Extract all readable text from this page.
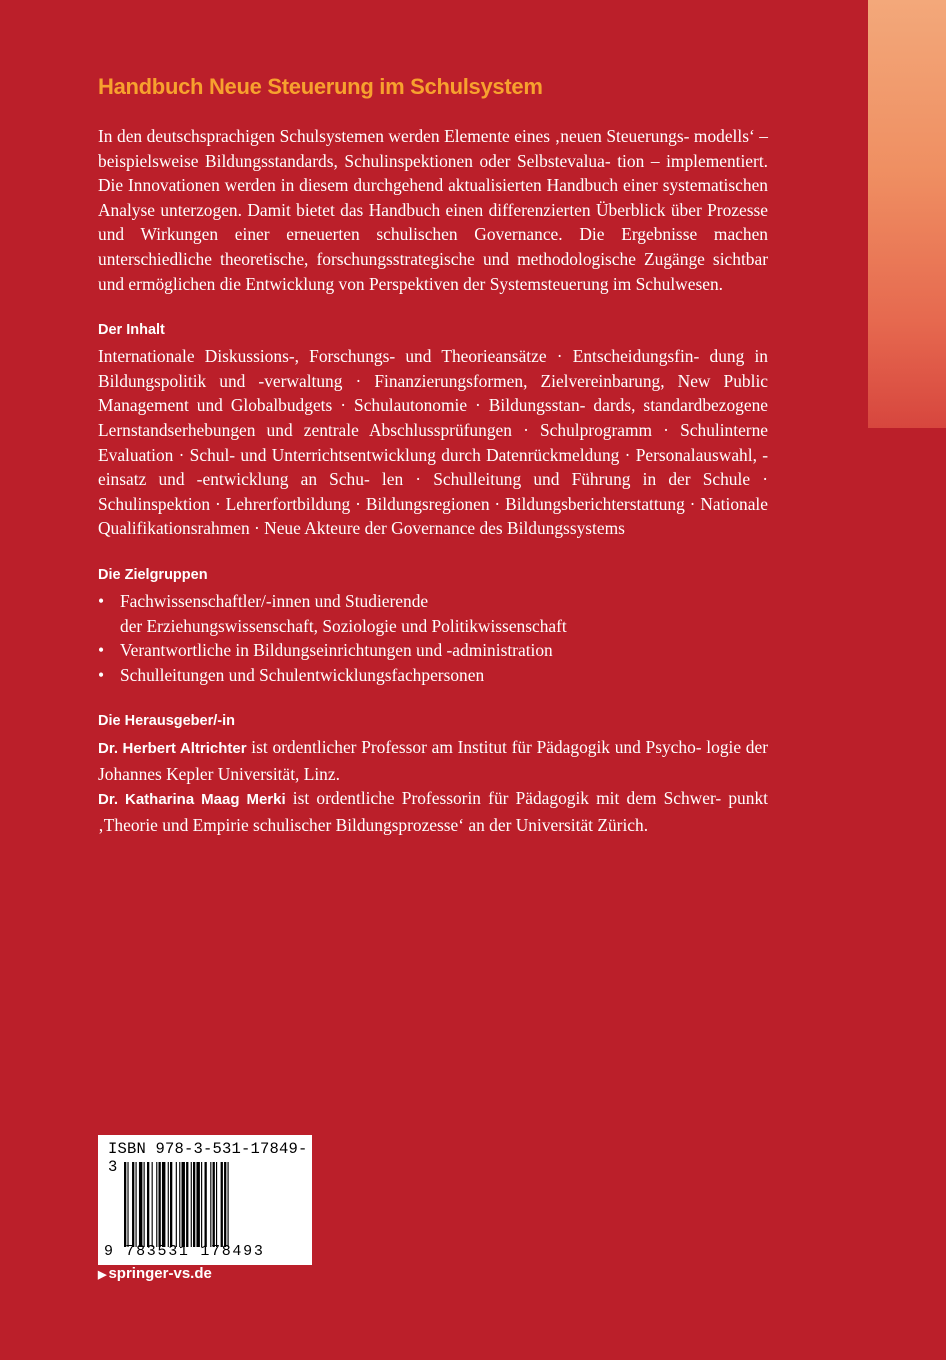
Handbuch Neue Steuerung im Schulsystem

In den deutschsprachigen Schulsystemen werden Elemente eines ‚neuen Steuerungs- modells‘ – beispielsweise Bildungsstandards, Schulinspektionen oder Selbstevalua- tion – implementiert. Die Innovationen werden in diesem durchgehend aktualisierten Handbuch einer systematischen Analyse unterzogen. Damit bietet das Handbuch einen differenzierten Überblick über Prozesse und Wirkungen einer erneuerten schulischen Governance. Die Ergebnisse machen unterschiedliche theoretische, forschungsstrategische und methodologische Zugänge sichtbar und ermöglichen die Entwicklung von Perspektiven der Systemsteuerung im Schulwesen.

Der Inhalt

Internationale Diskussions-, Forschungs- und Theorieansätze · Entscheidungsfin- dung in Bildungspolitik und -verwaltung · Finanzierungsformen, Zielvereinbarung, New Public Management und Globalbudgets · Schulautonomie · Bildungsstan- dards, standardbezogene Lernstandserhebungen und zentrale Abschlussprüfungen · Schulprogramm · Schulinterne Evaluation · Schul- und Unterrichtsentwicklung durch Datenrückmeldung · Personalauswahl, -einsatz und -entwicklung an Schu- len · Schulleitung und Führung in der Schule · Schulinspektion · Lehrerfortbildung · Bildungsregionen · Bildungsberichterstattung · Nationale Qualifikationsrahmen · Neue Akteure der Governance des Bildungssystems

Die Zielgruppen
• Fachwissenschaftler/-innen und Studierende
der Erziehungswissenschaft, Soziologie und Politikwissenschaft
• Verantwortliche in Bildungseinrichtungen und -administration
• Schulleitungen und Schulentwicklungsfachpersonen
Die Herausgeber/-in

Dr. Herbert Altrichter ist ordentlicher Professor am Institut für Pädagogik und Psycho- logie der Johannes Kepler Universität, Linz.

Dr. Katharina Maag Merki ist ordentliche Professorin für Pädagogik mit dem Schwer- punkt ‚Theorie und Empirie schulischer Bildungsprozesse‘ an der Universität Zürich.

ISBN 978-3-531-17849-3
9 783531 178493
▶ springer-vs.de
